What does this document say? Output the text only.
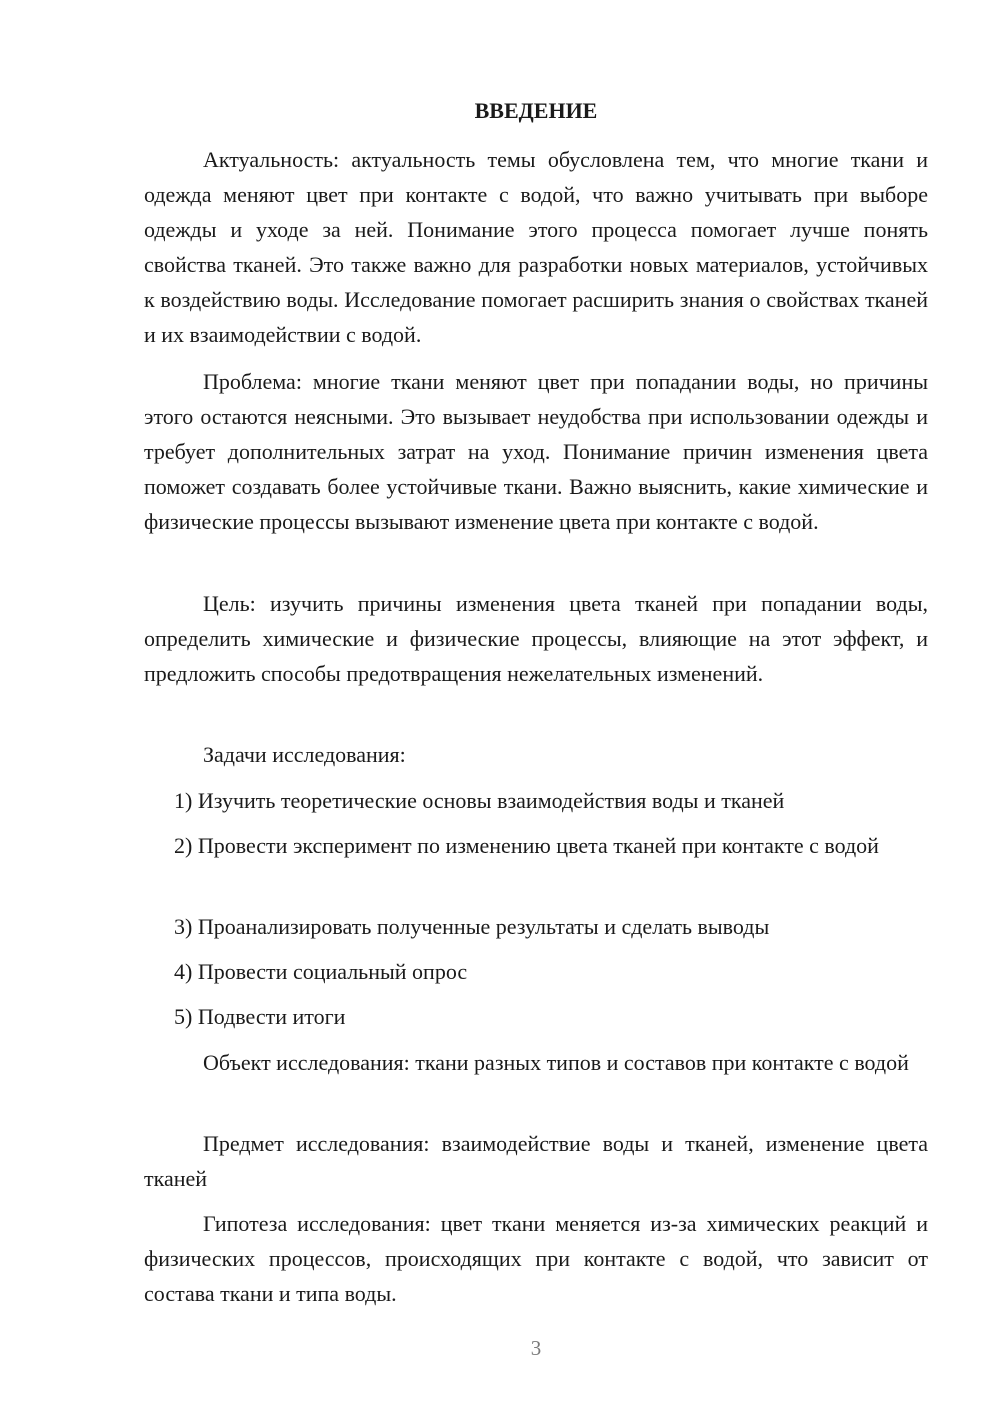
ВВЕДЕНИЕ

Актуальность: актуальность темы обусловлена тем, что многие ткани и одежда меняют цвет при контакте с водой, что важно учитывать при выборе одежды и уходе за ней. Понимание этого процесса помогает лучше понять свойства тканей. Это также важно для разработки новых материалов, устойчивых к воздействию воды. Исследование помогает расширить знания о свойствах тканей и их взаимодействии с водой.

Проблема: многие ткани меняют цвет при попадании воды, но причины этого остаются неясными. Это вызывает неудобства при использовании одежды и требует дополнительных затрат на уход. Понимание причин изменения цвета поможет создавать более устойчивые ткани. Важно выяснить, какие химические и физические процессы вызывают изменение цвета при контакте с водой.

Цель: изучить причины изменения цвета тканей при попадании воды, определить химические и физические процессы, влияющие на этот эффект, и предложить способы предотвращения нежелательных изменений.

Задачи исследования:

1) Изучить теоретические основы взаимодействия воды и тканей

2) Провести эксперимент по изменению цвета тканей при контакте с водой

3) Проанализировать полученные результаты и сделать выводы

4) Провести социальный опрос

5) Подвести итоги

Объект исследования: ткани разных типов и составов при контакте с водой

Предмет исследования: взаимодействие воды и тканей, изменение цвета тканей

Гипотеза исследования: цвет ткани меняется из-за химических реакций и физических процессов, происходящих при контакте с водой, что зависит от состава ткани и типа воды.

3
